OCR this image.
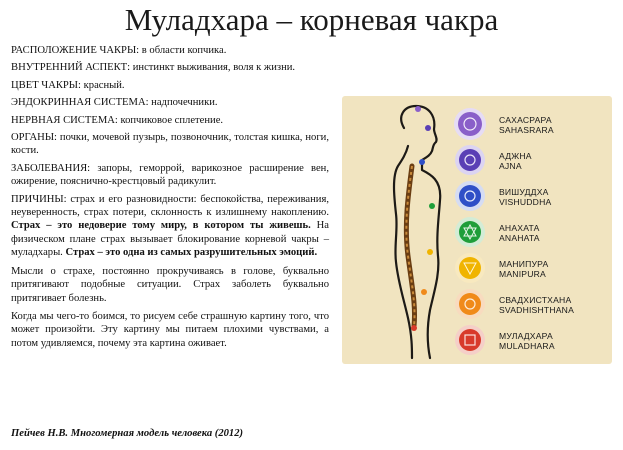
Муладхара – корневая чакра

РАСПОЛОЖЕНИЕ ЧАКРЫ: в области копчика.

ВНУТРЕННИЙ АСПЕКТ: инстинкт выживания, воля к жизни.

ЦВЕТ ЧАКРЫ: красный.

ЭНДОКРИННАЯ СИСТЕМА: надпочечники.

НЕРВНАЯ СИСТЕМА: копчиковое сплетение.

ОРГАНЫ: почки, мочевой пузырь, позвоночник, толстая кишка, ноги, кости.

ЗАБОЛЕВАНИЯ: запоры, геморрой, варикозное расширение вен, ожирение, пояснично-крестцовый радикулит.

ПРИЧИНЫ: страх и его разновидности: беспокойства, переживания, неуверенность, страх потери, склонность к излишнему накоплению. Страх – это недоверие тому миру, в котором ты живешь. На физическом плане страх вызывает блокирование корневой чакры – муладхары. Страх – это одна из самых разрушительных эмоций.

Мысли о страхе, постоянно прокручиваясь в голове, буквально притягивают подобные ситуации. Страх заболеть буквально притягивает болезнь.

Когда мы чего-то боимся, то рисуем себе страшную картину того, что может произойти. Эту картину мы питаем плохими чувствами, а потом удивляемся, почему эта картина оживает.

Пейчев Н.В. Многомерная модель человека (2012)
САХАСРАРА
SAHASRARA
АДЖНА
AJNA
ВИШУДДХА
VISHUDDHA
АНАХАТА
ANAHATA
МАНИПУРА
MANIPURA
СВАДХИСТХАНА
SVADHISHTHANA
МУЛАДХАРА
MULADHARA
